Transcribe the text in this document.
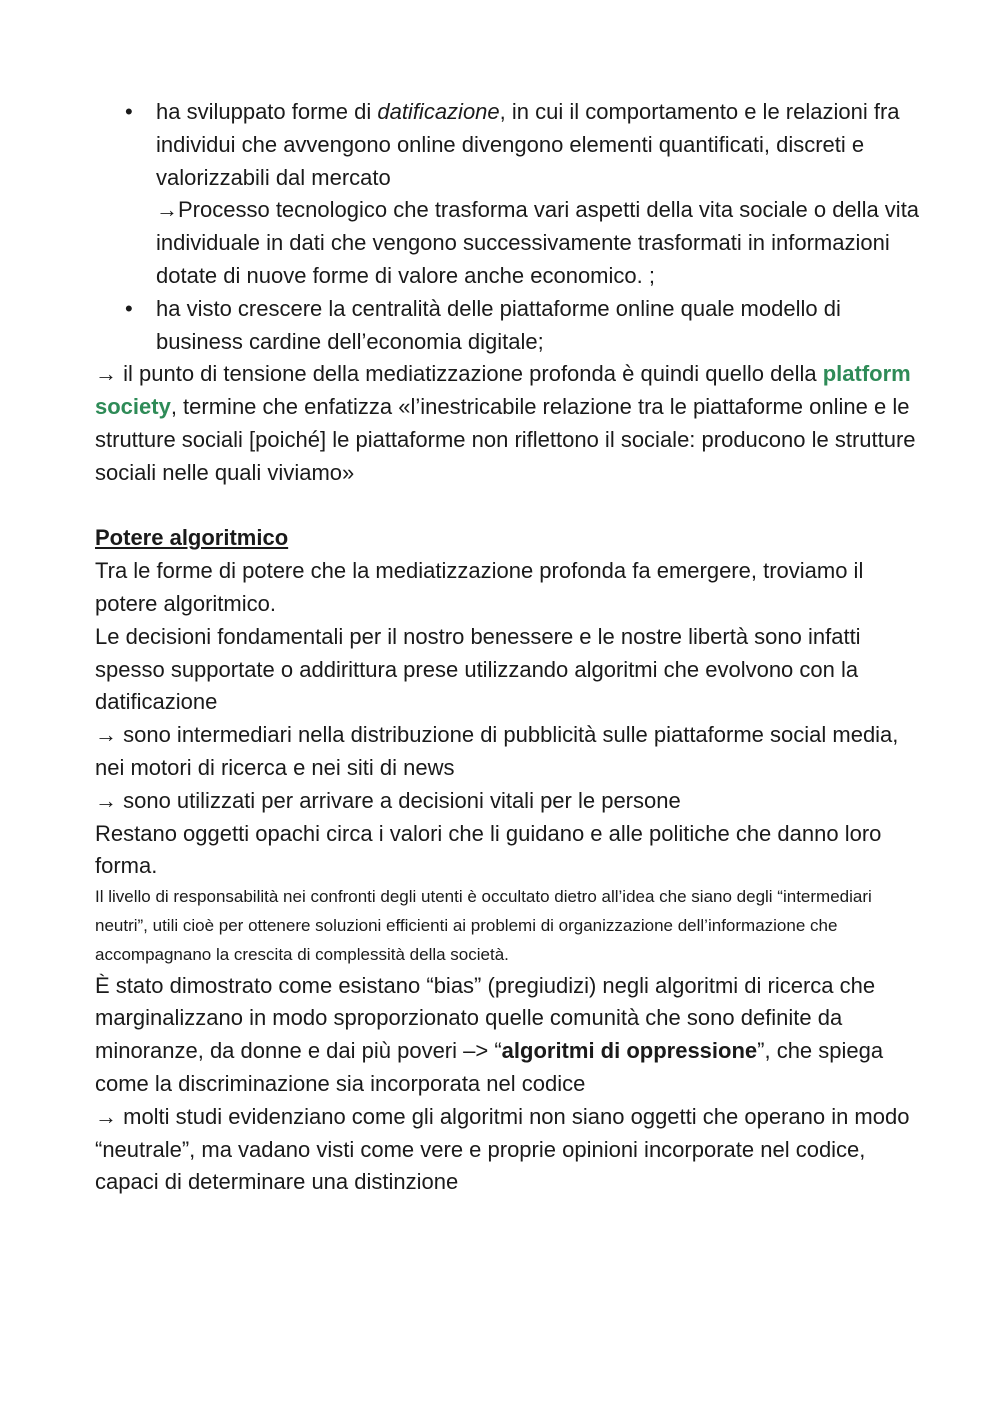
• ha sviluppato forme di datificazione, in cui il comportamento e le relazioni fra individui che avvengono online divengono elementi quantificati, discreti e valorizzabili dal mercato
→Processo tecnologico che trasforma vari aspetti della vita sociale o della vita individuale in dati che vengono successivamente trasformati in informazioni dotate di nuove forme di valore anche economico. ;
• ha visto crescere la centralità delle piattaforme online quale modello di business cardine dell’economia digitale;

→ il punto di tensione della mediatizzazione profonda è quindi quello della platform society, termine che enfatizza «l’inestricabile relazione tra le piattaforme online e le strutture sociali [poiché] le piattaforme non riflettono il sociale: producono le strutture sociali nelle quali viviamo»

Potere algoritmico

Tra le forme di potere che la mediatizzazione profonda fa emergere, troviamo il potere algoritmico.

Le decisioni fondamentali per il nostro benessere e le nostre libertà sono infatti spesso supportate o addirittura prese utilizzando algoritmi che evolvono con la datificazione

→ sono intermediari nella distribuzione di pubblicità sulle piattaforme social media, nei motori di ricerca e nei siti di news

→ sono utilizzati per arrivare a decisioni vitali per le persone

Restano oggetti opachi circa i valori che li guidano e alle politiche che danno loro forma.

Il livello di responsabilità nei confronti degli utenti è occultato dietro all’idea che siano degli “intermediari neutri”, utili cioè per ottenere soluzioni efficienti ai problemi di organizzazione dell’informazione che accompagnano la crescita di complessità della società.

È stato dimostrato come esistano “bias” (pregiudizi) negli algoritmi di ricerca che marginalizzano in modo sproporzionato quelle comunità che sono definite da minoranze, da donne e dai più poveri –> “algoritmi di oppressione”, che spiega come la discriminazione sia incorporata nel codice

→ molti studi evidenziano come gli algoritmi non siano oggetti che operano in modo “neutrale”, ma vadano visti come vere e proprie opinioni incorporate nel codice, capaci di determinare una distinzione
